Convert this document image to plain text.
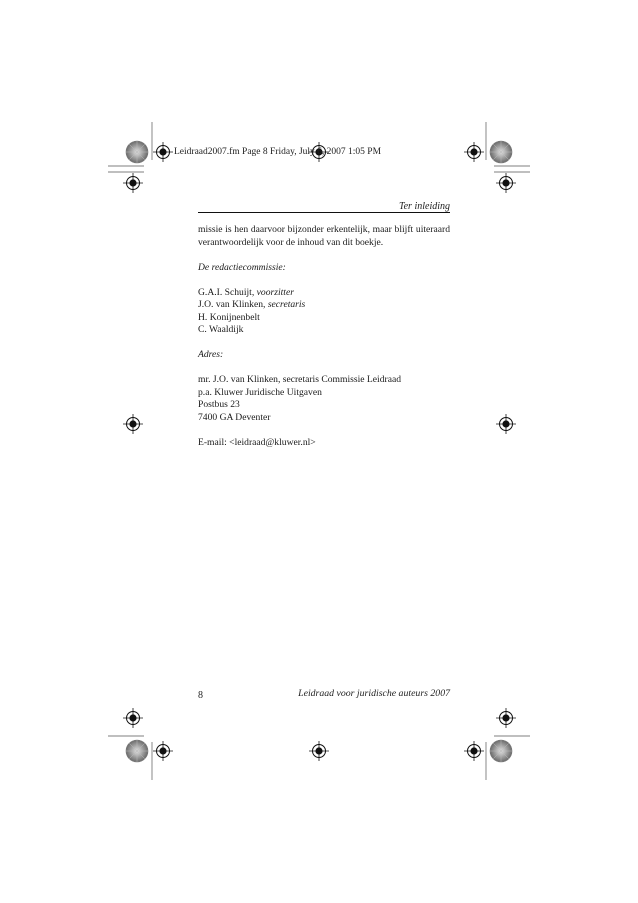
Leidraad2007.fm Page 8 Friday, July 6, 2007 1:05 PM
Ter inleiding

missie is hen daarvoor bijzonder erkentelijk, maar blijft uiteraard verantwoordelijk voor de inhoud van dit boekje.

De redactiecommissie:

G.A.I. Schuijt, voorzitter

J.O. van Klinken, secretaris

H. Konijnenbelt

C. Waaldijk

Adres:

mr. J.O. van Klinken, secretaris Commissie Leidraad

p.a. Kluwer Juridische Uitgaven

Postbus 23

7400 GA Deventer

E-mail: <leidraad@kluwer.nl>

8	Leidraad voor juridische auteurs 2007
